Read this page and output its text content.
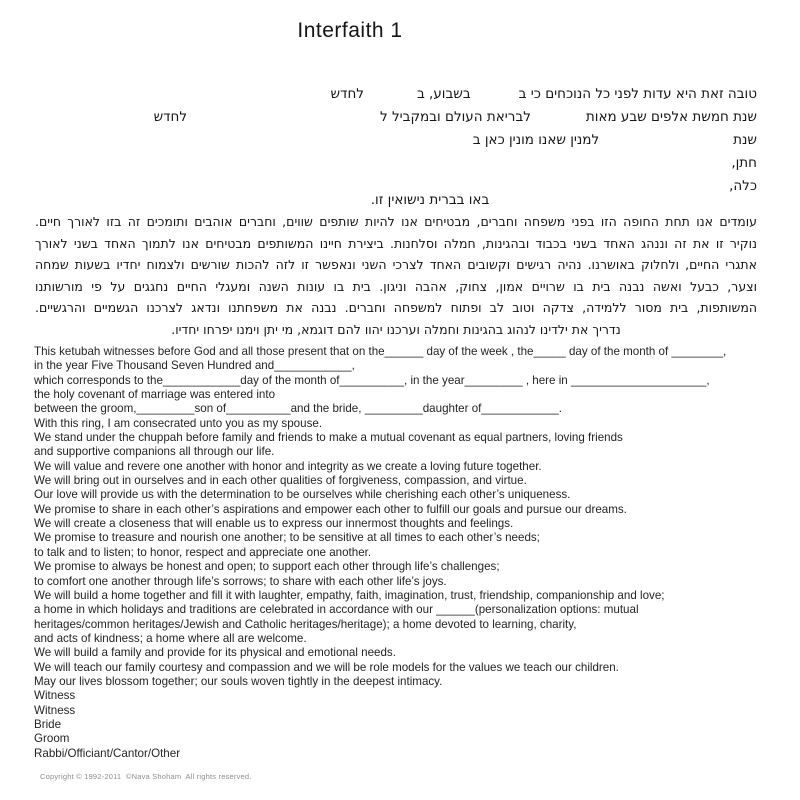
Interfaith 1
טובה זאת היא עדות לפני כל הנוכחים כי ב
בשבוע, ב
לחדש
שנת חמשת אלפים שבע מאות
לבריאת העולם ובמקביל ל
לחדש
שנת
למנין שאנו מונין כאן ב
חתן,
כלה,
באו בברית נישואין זו.
עומדים אנו תחת החופה הזו בפני משפחה וחברים, מבטיחים אנו להיות שותפים שווים, וחברים אוהבים ותומכים זה בזו לאורך חיים.
נוקיר זו את זה וננהג האחד בשני בכבוד ובהגינות, חמלה וסלחנות. ביצירת חיינו המשותפים מבטיחים אנו לתמוך האחד בשני לאורך
אתגרי החיים, ולחלוק באושרנו. נהיה רגישים וקשובים האחד לצרכי השני ונאפשר זו לזה להכות שורשים ולצמוח יחדיו בשעות שמחה
וצער, כבעל ואשה נבנה בית בו שרויים אמון, צחוק, אהבה וניגון. בית בו עונות השנה ומעגלי החיים נחגגים על פי מורשותנו
המשותפות, בית מסור ללמידה, צדקה וטוב לב ופתוח למשפחה וחברים. נבנה את משפחתנו ונדאג לצרכנו הגשמיים והרגשיים.
נדריך את ילדינו לנהוג בהגינות וחמלה וערכנו יהוו להם דוגמא, מי יתן וימנו יפרחו יחדיו.
This ketubah witnesses before God and all those present that on the______ day of the week , the_____ day of the month of ________,
in the year Five Thousand Seven Hundred and____________,
which corresponds to the____________day of the month of__________, in the year_________ , here in _____________________,
the holy covenant of marriage was entered into
between the groom,_________son of__________and the bride, _________daughter of____________.
With this ring, I am consecrated unto you as my spouse.
We stand under the chuppah before family and friends to make a mutual covenant as equal partners, loving friends
and supportive companions all through our life.
We will value and revere one another with honor and integrity as we create a loving future together.
We will bring out in ourselves and in each other qualities of forgiveness, compassion, and virtue.
Our love will provide us with the determination to be ourselves while cherishing each other’s uniqueness.
We promise to share in each other’s aspirations and empower each other to fulfill our goals and pursue our dreams.
We will create a closeness that will enable us to express our innermost thoughts and feelings.
We promise to treasure and nourish one another; to be sensitive at all times to each other’s needs;
to talk and to listen; to honor, respect and appreciate one another.
We promise to always be honest and open; to support each other through life’s challenges;
to comfort one another through life’s sorrows; to share with each other life’s joys.
We will build a home together and fill it with laughter, empathy, faith, imagination, trust, friendship, companionship and love;
a home in which holidays and traditions are celebrated in accordance with our ______(personalization options: mutual
heritages/common heritages/Jewish and Catholic heritages/heritage); a home devoted to learning, charity,
and acts of kindness; a home where all are welcome.
We will build a family and provide for its physical and emotional needs.
We will teach our family courtesy and compassion and we will be role models for the values we teach our children.
May our lives blossom together; our souls woven tightly in the deepest intimacy.
Witness
Witness
Bride
Groom
Rabbi/Officiant/Cantor/Other
Copyright © 1992-2011  ©Nava Shoham  All rights reserved.
